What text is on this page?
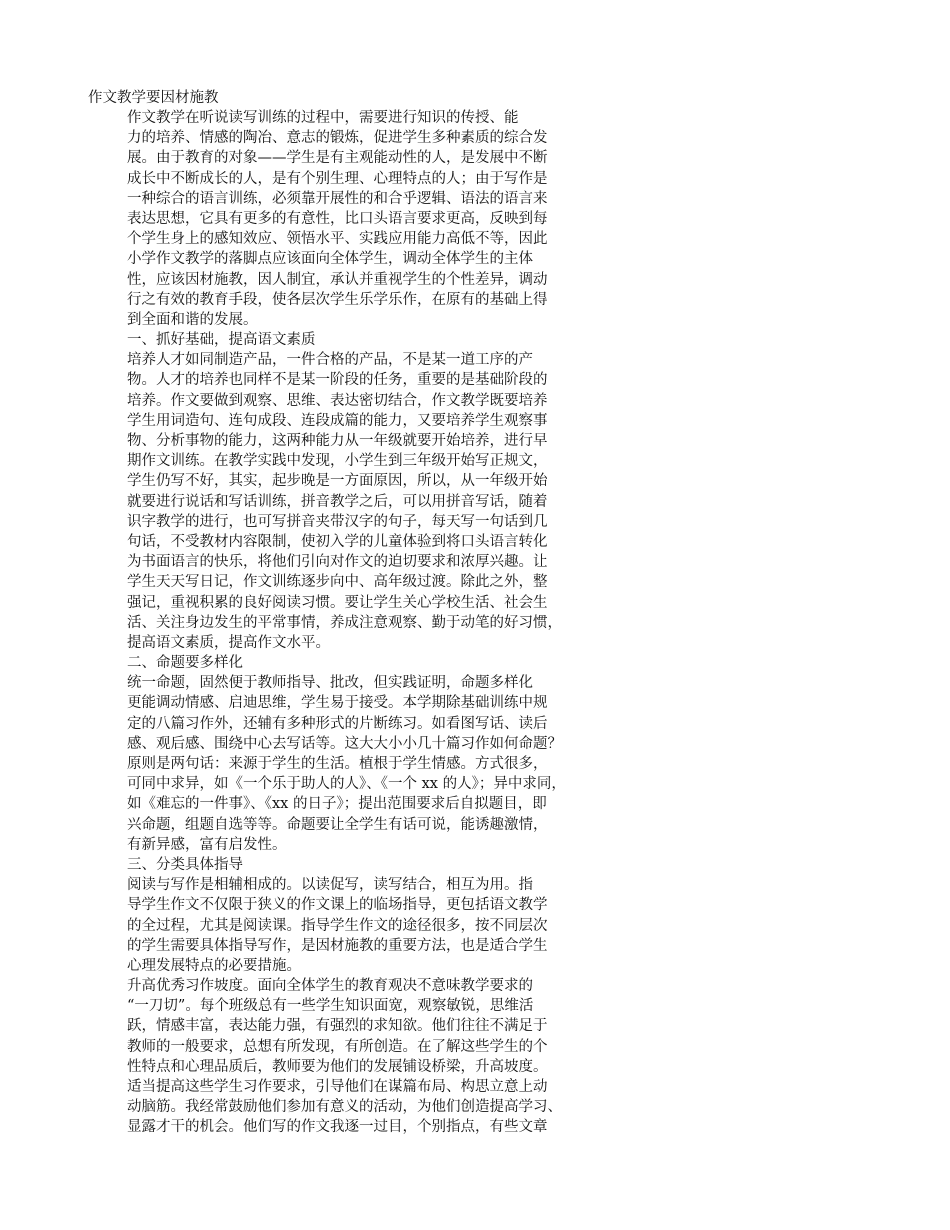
作文教学要因材施教
作文教学在听说读写训练的过程中，需要进行知识的传授、能
力的培养、情感的陶冶、意志的锻炼，促进学生多种素质的综合发
展。由于教育的对象——学生是有主观能动性的人，是发展中不断
成长中不断成长的人，是有个别生理、心理特点的人；由于写作是
一种综合的语言训练，必须靠开展性的和合乎逻辑、语法的语言来
表达思想，它具有更多的有意性，比口头语言要求更高，反映到每
个学生身上的感知效应、领悟水平、实践应用能力高低不等，因此
小学作文教学的落脚点应该面向全体学生，调动全体学生的主体
性，应该因材施教，因人制宜，承认并重视学生的个性差异，调动
行之有效的教育手段，使各层次学生乐学乐作，在原有的基础上得
到全面和谐的发展。
一、抓好基础，提高语文素质
培养人才如同制造产品，一件合格的产品，不是某一道工序的产
物。人才的培养也同样不是某一阶段的任务，重要的是基础阶段的
培养。作文要做到观察、思维、表达密切结合，作文教学既要培养
学生用词造句、连句成段、连段成篇的能力，又要培养学生观察事
物、分析事物的能力，这两种能力从一年级就要开始培养，进行早
期作文训练。在教学实践中发现，小学生到三年级开始写正规文，
学生仍写不好，其实，起步晚是一方面原因，所以，从一年级开始
就要进行说话和写话训练，拼音教学之后，可以用拼音写话，随着
识字教学的进行，也可写拼音夹带汉字的句子，每天写一句话到几
句话，不受教材内容限制，使初入学的儿童体验到将口头语言转化
为书面语言的快乐，将他们引向对作文的迫切要求和浓厚兴趣。让
学生天天写日记，作文训练逐步向中、高年级过渡。除此之外，整
强记，重视积累的良好阅读习惯。要让学生关心学校生活、社会生
活、关注身边发生的平常事情，养成注意观察、勤于动笔的好习惯，
提高语文素质，提高作文水平。
二、命题要多样化
统一命题，固然便于教师指导、批改，但实践证明，命题多样化
更能调动情感、启迪思维，学生易于接受。本学期除基础训练中规
定的八篇习作外，还辅有多种形式的片断练习。如看图写话、读后
感、观后感、围绕中心去写话等。这大大小小几十篇习作如何命题？
原则是两句话：来源于学生的生活。植根于学生情感。方式很多，
可同中求异，如《一个乐于助人的人》、《一个 xx 的人》；异中求同，
如《难忘的一件事》、《xx 的日子》；提出范围要求后自拟题目，即
兴命题，组题自选等等。命题要让全学生有话可说，能诱趣激情，
有新异感，富有启发性。
三、分类具体指导
阅读与写作是相辅相成的。以读促写，读写结合，相互为用。指
导学生作文不仅限于狭义的作文课上的临场指导，更包括语文教学
的全过程，尤其是阅读课。指导学生作文的途径很多，按不同层次
的学生需要具体指导写作，是因材施教的重要方法，也是适合学生
心理发展特点的必要措施。
升高优秀习作坡度。面向全体学生的教育观决不意味教学要求的
“一刀切”。每个班级总有一些学生知识面宽，观察敏锐，思维活
跃，情感丰富，表达能力强，有强烈的求知欲。他们往往不满足于
教师的一般要求，总想有所发现，有所创造。在了解这些学生的个
性特点和心理品质后，教师要为他们的发展铺设桥梁，升高坡度。
适当提高这些学生习作要求，引导他们在谋篇布局、构思立意上动
动脑筋。我经常鼓励他们参加有意义的活动，为他们创造提高学习、
显露才干的机会。他们写的作文我逐一过目，个别指点，有些文章
